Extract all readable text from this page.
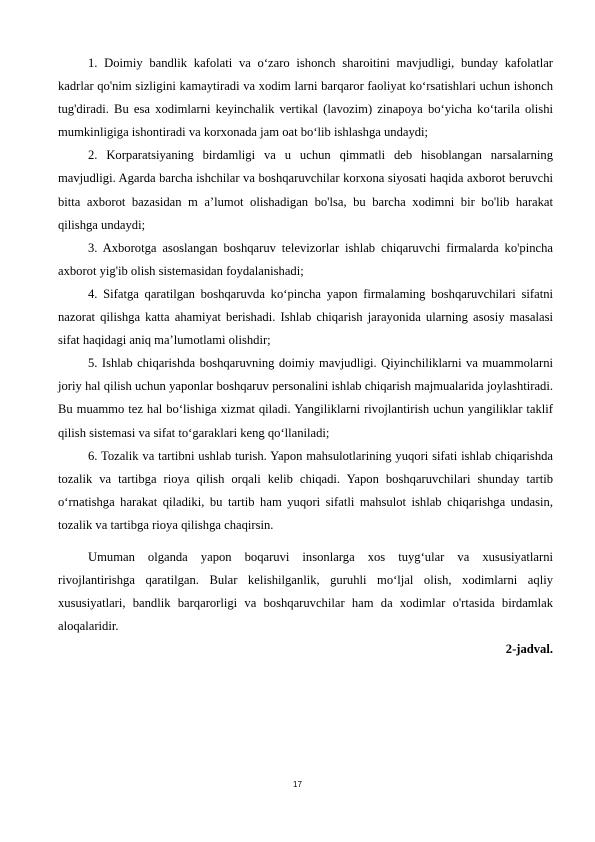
1. Doimiy bandlik kafolati va o‘zaro ishonch sharoitini mavjudligi, bunday kafolatlar kadrlar qo'nim sizligini kamaytiradi va xodim larni barqaror faoliyat ko‘rsatishlari uchun ishonch tug'diradi. Bu esa xodimlarni keyinchalik vertikal (lavozim) zinapoya bo‘yicha ko‘tarila olishi mumkinligiga ishontiradi va korxonada jam oat bo‘lib ishlashga undaydi;

2. Korparatsiyaning birdamligi va u uchun qimmatli deb hisoblangan narsalarning mavjudligi. Agarda barcha ishchilar va boshqaruvchilar korxona siyosati haqida axborot beruvchi bitta axborot bazasidan m a’lumot olishadigan bo'lsa, bu barcha xodimni bir bo'lib harakat qilishga undaydi;

3. Axborotga asoslangan boshqaruv televizorlar ishlab chiqaruvchi firmalarda ko'pincha axborot yig'ib olish sistemasidan foydalanishadi;

4. Sifatga qaratilgan boshqaruvda ko‘pincha yapon firmalaming boshqaruvchilari sifatni nazorat qilishga katta ahamiyat berishadi. Ishlab chiqarish jarayonida ularning asosiy masalasi sifat haqidagi aniq ma’lumotlami olishdir;

5. Ishlab chiqarishda boshqaruvning doimiy mavjudligi. Qiyinchiliklarni va muammolarni joriy hal qilish uchun yaponlar boshqaruv personalini ishlab chiqarish majmualarida joylashtiradi. Bu muammo tez hal bo‘lishiga xizmat qiladi. Yangiliklarni rivojlantirish uchun yangiliklar taklif qilish sistemasi va sifat to‘garaklari keng qo‘llaniladi;

6. Tozalik va tartibni ushlab turish. Yapon mahsulotlarining yuqori sifati ishlab chiqarishda tozalik va tartibga rioya qilish orqali kelib chiqadi. Yapon boshqaruvchilari shunday tartib o‘rnatishga harakat qiladiki, bu tartib ham yuqori sifatli mahsulot ishlab chiqarishga undasin, tozalik va tartibga rioya qilishga chaqirsin.

Umuman olganda yapon boqaruvi insonlarga xos tuyg‘ular va xususiyatlarni rivojlantirishga qaratilgan. Bular kelishilganlik, guruhli mo‘ljal olish, xodimlarni aqliy xususiyatlari, bandlik barqarorligi va boshqaruvchilar ham da xodimlar o'rtasida birdamlak aloqalaridir.

2-jadval.

17
